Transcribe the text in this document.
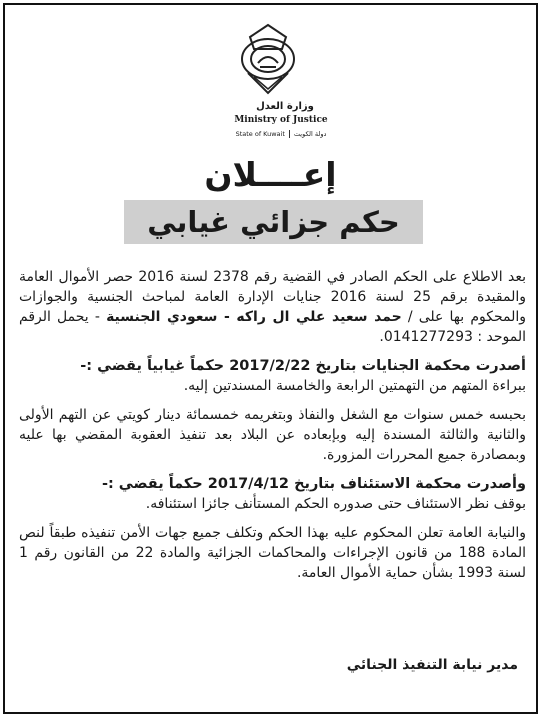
وزارة العدل
Ministry of Justice
State of Kuwait دولة الكويت
إعــــلان
حكم جزائي غيابي

بعد الاطلاع على الحكم الصادر في القضية رقم 2378 لسنة 2016 حصر الأموال العامة والمقيدة برقم 25 لسنة 2016 جنايات الإدارة العامة لمباحث الجنسية والجوازات والمحكوم بها على / حمد سعيد علي ال راكه - سعودي الجنسية - يحمل الرقم الموحد : 0141277293.

أصدرت محكمة الجنايات بتاريخ 2017/2/22 حكماً غيابياً يقضي :-

ببراءة المتهم من التهمتين الرابعة والخامسة المسندتين إليه.

بحبسه خمس سنوات مع الشغل والنفاذ وبتغريمه خمسمائة دينار كويتي عن التهم الأولى والثانية والثالثة المسندة إليه وبإبعاده عن البلاد بعد تنفيذ العقوبة المقضي بها عليه وبمصادرة جميع المحررات المزورة.

وأصدرت محكمة الاستئناف بتاريخ 2017/4/12 حكماً يقضي :-

بوقف نظر الاستئناف حتى صدوره الحكم المستأنف جائزا استئنافه.

والنيابة العامة تعلن المحكوم عليه بهذا الحكم وتكلف جميع جهات الأمن تنفيذه طبقاً لنص المادة 188 من قانون الإجراءات والمحاكمات الجزائية والمادة 22 من القانون رقم 1 لسنة 1993 بشأن حماية الأموال العامة.

مدير نيابة التنفيذ الجنائي
